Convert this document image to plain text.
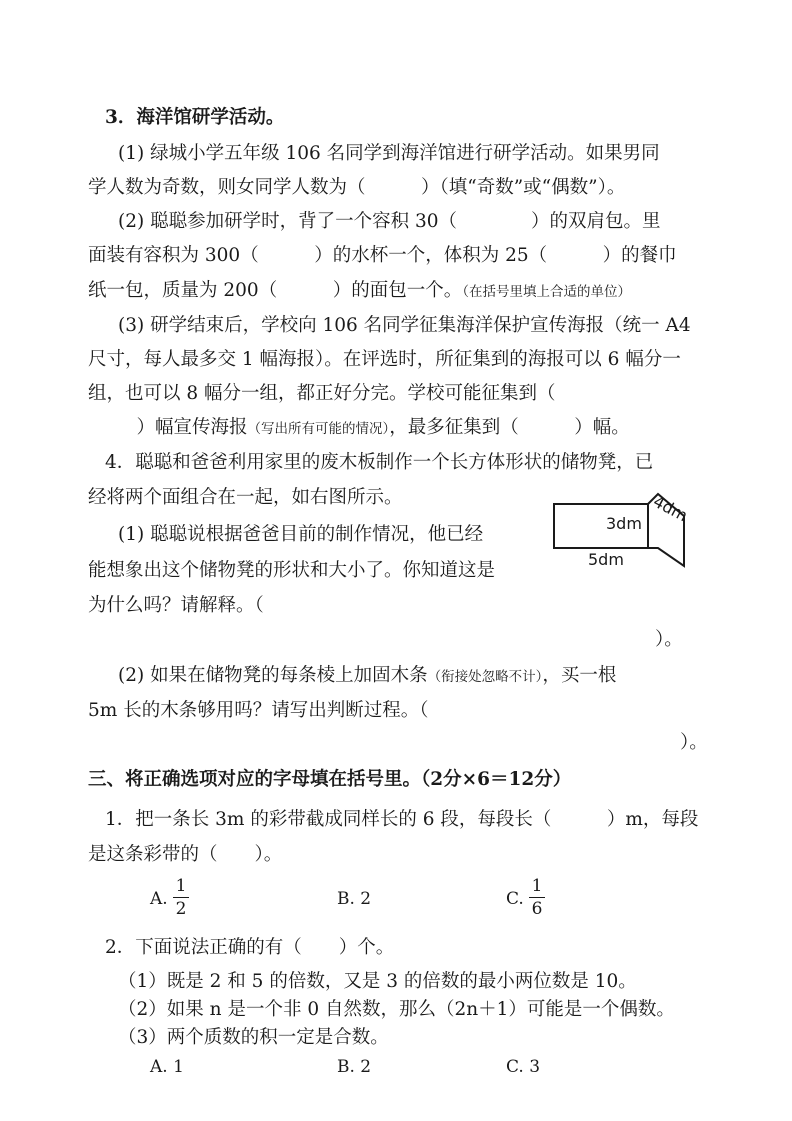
3．海洋馆研学活动。
(1) 绿城小学五年级 106 名同学到海洋馆进行研学活动。如果男同
学人数为奇数，则女同学人数为（　　　）（填“奇数”或“偶数”）。
(2) 聪聪参加研学时，背了一个容积 30（　　　　）的双肩包。里
面装有容积为 300（　　　）的水杯一个，体积为 25（　　　）的餐巾
纸一包，质量为 200（　　　）的面包一个。（在括号里填上合适的单位）
(3) 研学结束后，学校向 106 名同学征集海洋保护宣传海报（统一 A4
尺寸，每人最多交 1 幅海报）。在评选时，所征集到的海报可以 6 幅分一
组，也可以 8 幅分一组，都正好分完。学校可能征集到（
　）幅宣传海报（写出所有可能的情况），最多征集到（　　　）幅。
4．聪聪和爸爸利用家里的废木板制作一个长方体形状的储物凳，已
经将两个面组合在一起，如右图所示。
(1) 聪聪说根据爸爸目前的制作情况，他已经
能想象出这个储物凳的形状和大小了。你知道这是
为什么吗？请解释。（
）。
(2) 如果在储物凳的每条棱上加固木条（衔接处忽略不计），买一根
5m 长的木条够用吗？请写出判断过程。（
）。
3dm 4dm
5dm
三、将正确选项对应的字母填在括号里。（2分×6＝12分）
1．把一条长 3m 的彩带截成同样长的 6 段，每段长（　　　）m，每段
是这条彩带的（　　）。
A.
1
2	B. 2	C.
1
6
2．下面说法正确的有（　　）个。
（1）既是 2 和 5 的倍数，又是 3 的倍数的最小两位数是 10。
（2）如果 n 是一个非 0 自然数，那么（2n＋1）可能是一个偶数。
（3）两个质数的积一定是合数。
A. 1	B. 2	C. 3
